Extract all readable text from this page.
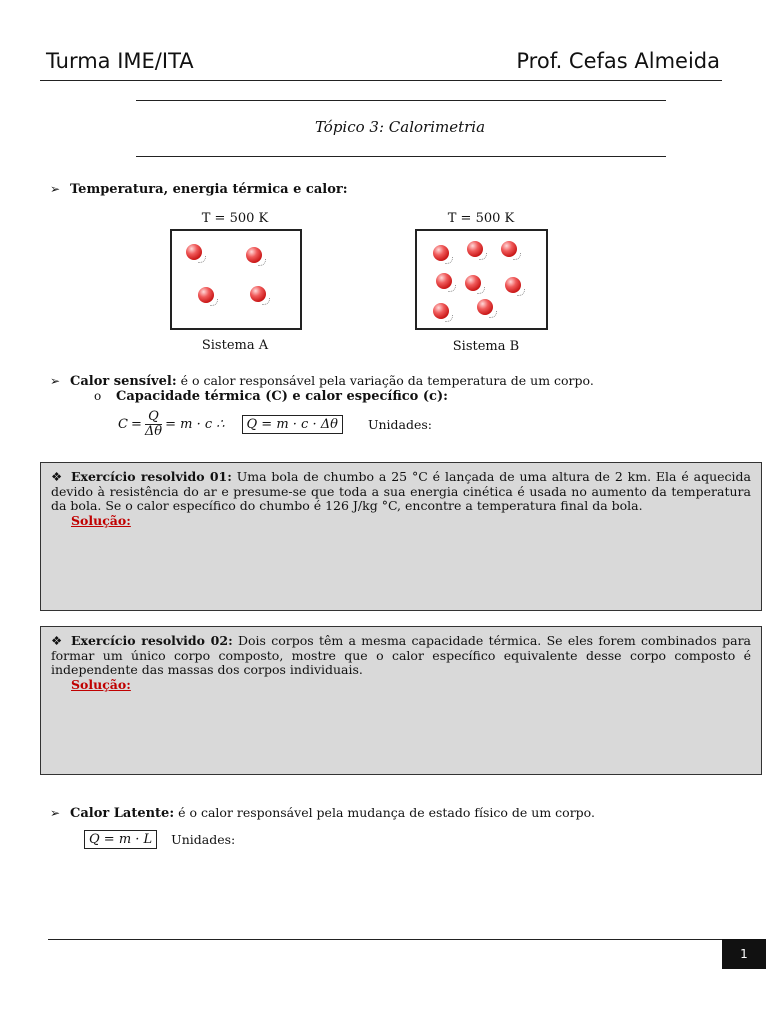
Turma IME/ITA	Prof. Cefas Almeida
Tópico 3: Calorimetria
➢ Temperatura, energia térmica e calor:
T = 500 K
Sistema A
T = 500 K
Sistema B
➢ Calor sensível: é o calor responsável pela variação da temperatura de um corpo.
o Capacidade térmica (C) e calor específico (c):
$C = \frac{Q}{\Delta\theta} = m \cdot c$ ∴	Q = m · c · Δθ	Unidades:
❖ Exercício resolvido 01: Uma bola de chumbo a 25 °C é lançada de uma altura de 2 km. Ela é aquecida devido à resistência do ar e presume-se que toda a sua energia cinética é usada no aumento da temperatura da bola. Se o calor específico do chumbo é 126 J/kg °C, encontre a temperatura final da bola.
Solução:
❖ Exercício resolvido 02: Dois corpos têm a mesma capacidade térmica. Se eles forem combinados para formar um único corpo composto, mostre que o calor específico equivalente desse corpo composto é independente das massas dos corpos individuais.
Solução:
➢ Calor Latente: é o calor responsável pela mudança de estado físico de um corpo.
Q = m · L	Unidades:
1
